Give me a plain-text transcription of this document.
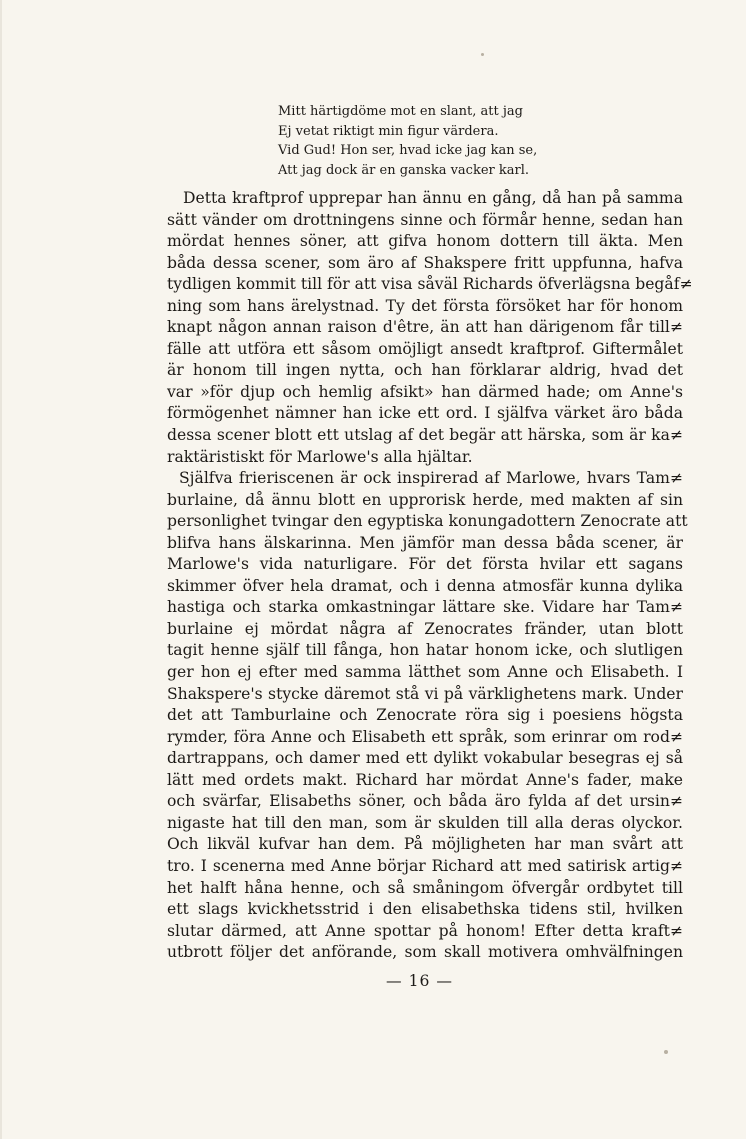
Mitt härtigdöme mot en slant, att jag
Ej vetat riktigt min figur värdera.
Vid Gud! Hon ser, hvad icke jag kan se,
Att jag dock är en ganska vacker karl.
Detta kraftprof upprepar han ännu en gång, då han på samma
sätt vänder om drottningens sinne och förmår henne, sedan han
mördat hennes söner, att gifva honom dottern till äkta. Men
båda dessa scener, som äro af Shakspere fritt uppfunna, hafva
tydligen kommit till för att visa såväl Richards öfverlägsna begåf≠
ning som hans ärelystnad. Ty det första försöket har för honom
knapt någon annan raison d'être, än att han därigenom får till≠
fälle att utföra ett såsom omöjligt ansedt kraftprof. Giftermålet
är honom till ingen nytta, och han förklarar aldrig, hvad det
var »för djup och hemlig afsikt» han därmed hade; om Anne's
förmögenhet nämner han icke ett ord. I själfva värket äro båda
dessa scener blott ett utslag af det begär att härska, som är ka≠
raktäristiskt för Marlowe's alla hjältar.
Själfva frieriscenen är ock inspirerad af Marlowe, hvars Tam≠
burlaine, då ännu blott en upprorisk herde, med makten af sin
personlighet tvingar den egyptiska konungadottern Zenocrate att
blifva hans älskarinna. Men jämför man dessa båda scener, är
Marlowe's vida naturligare. För det första hvilar ett sagans
skimmer öfver hela dramat, och i denna atmosfär kunna dylika
hastiga och starka omkastningar lättare ske. Vidare har Tam≠
burlaine ej mördat några af Zenocrates fränder, utan blott
tagit henne själf till fånga, hon hatar honom icke, och slutligen
ger hon ej efter med samma lätthet som Anne och Elisabeth. I
Shakspere's stycke däremot stå vi på värklighetens mark. Under
det att Tamburlaine och Zenocrate röra sig i poesiens högsta
rymder, föra Anne och Elisabeth ett språk, som erinrar om rod≠
dartrappans, och damer med ett dylikt vokabular besegras ej så
lätt med ordets makt. Richard har mördat Anne's fader, make
och svärfar, Elisabeths söner, och båda äro fylda af det ursin≠
nigaste hat till den man, som är skulden till alla deras olyckor.
Och likväl kufvar han dem. På möjligheten har man svårt att
tro. I scenerna med Anne börjar Richard att med satirisk artig≠
het halft håna henne, och så småningom öfvergår ordbytet till
ett slags kvickhetsstrid i den elisabethska tidens stil, hvilken
slutar därmed, att Anne spottar på honom! Efter detta kraft≠
utbrott följer det anförande, som skall motivera omhvälfningen
— 16 —
